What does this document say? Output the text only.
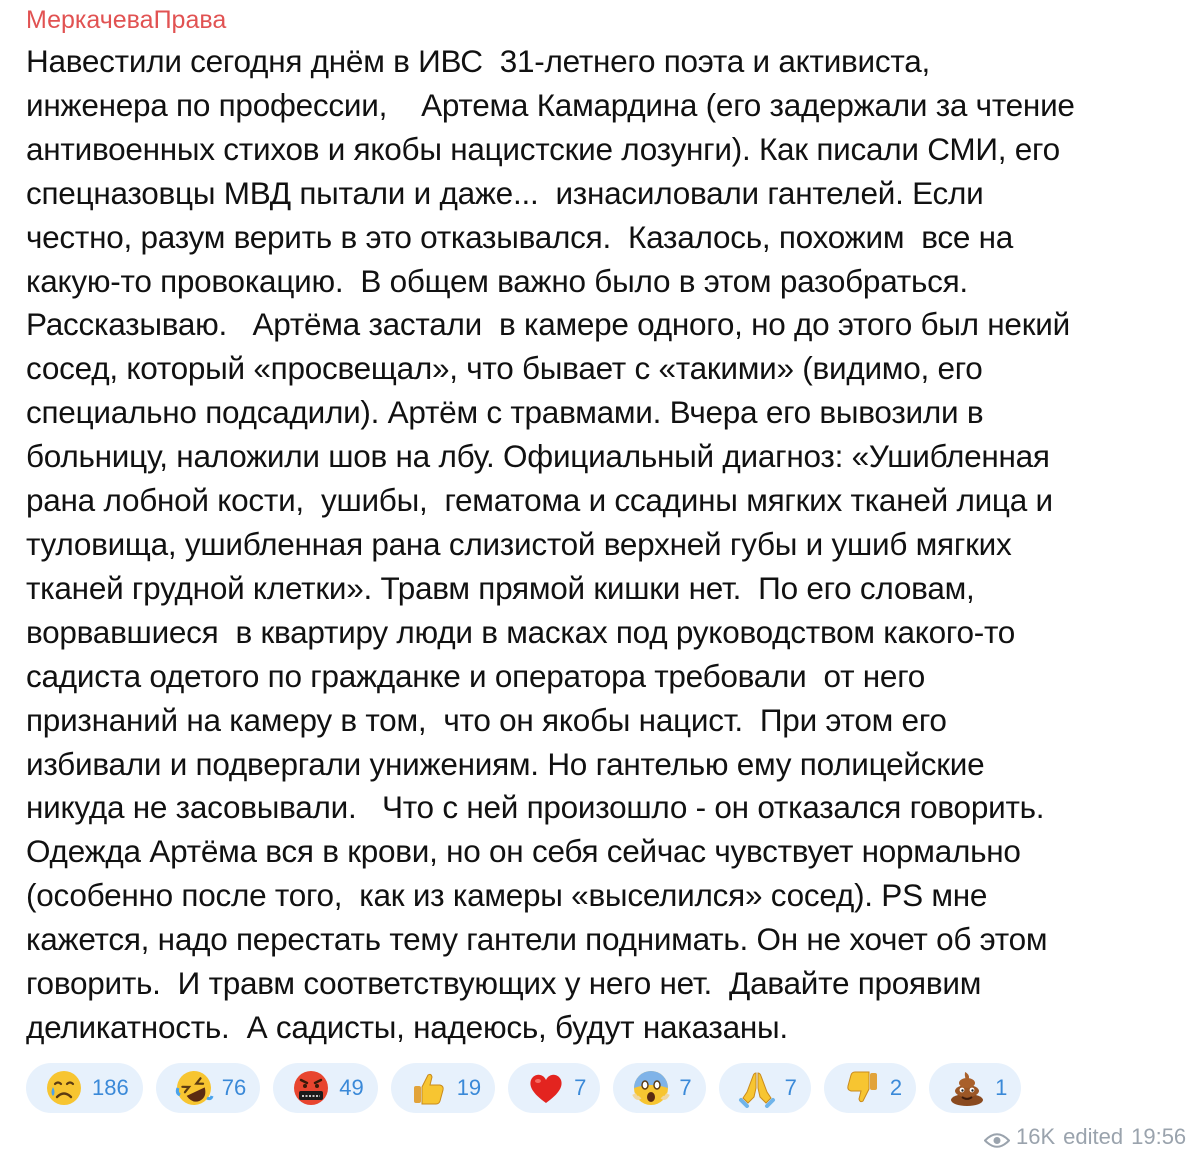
МеркачеваПрава
Навестили сегодня днём в ИВС  31-летнего поэта и активиста,
инженера по профессии,    Артема Камардина (его задержали за чтение
антивоенных стихов и якобы нацистские лозунги). Как писали СМИ, его
спецназовцы МВД пытали и даже...  изнасиловали гантелей. Если
честно, разум верить в это отказывался.  Казалось, похожим  все на
какую-то провокацию.  В общем важно было в этом разобраться.
Рассказываю.   Артёма застали  в камере одного, но до этого был некий
сосед, который «просвещал», что бывает с «такими» (видимо, его
специально подсадили). Артём с травмами. Вчера его вывозили в
больницу, наложили шов на лбу. Официальный диагноз: «Ушибленная
рана лобной кости,  ушибы,  гематома и ссадины мягких тканей лица и
туловища, ушибленная рана слизистой верхней губы и ушиб мягких
тканей грудной клетки». Травм прямой кишки нет.  По его словам,
ворвавшиеся  в квартиру люди в масках под руководством какого-то
садиста одетого по гражданке и оператора требовали  от него
признаний на камеру в том,  что он якобы нацист.  При этом его
избивали и подвергали унижениям. Но гантелью ему полицейские
никуда не засовывали.   Что с ней произошло - он отказался говорить.
Одежда Артёма вся в крови, но он себя сейчас чувствует нормально
(особенно после того,  как из камеры «выселился» сосед). PS мне
кажется, надо перестать тему гантели поднимать. Он не хочет об этом
говорить.  И травм соответствующих у него нет.  Давайте проявим
деликатность.  А садисты, надеюсь, будут наказаны.
186	76	49	19	7	7	7	2	1
16K edited 19:56
